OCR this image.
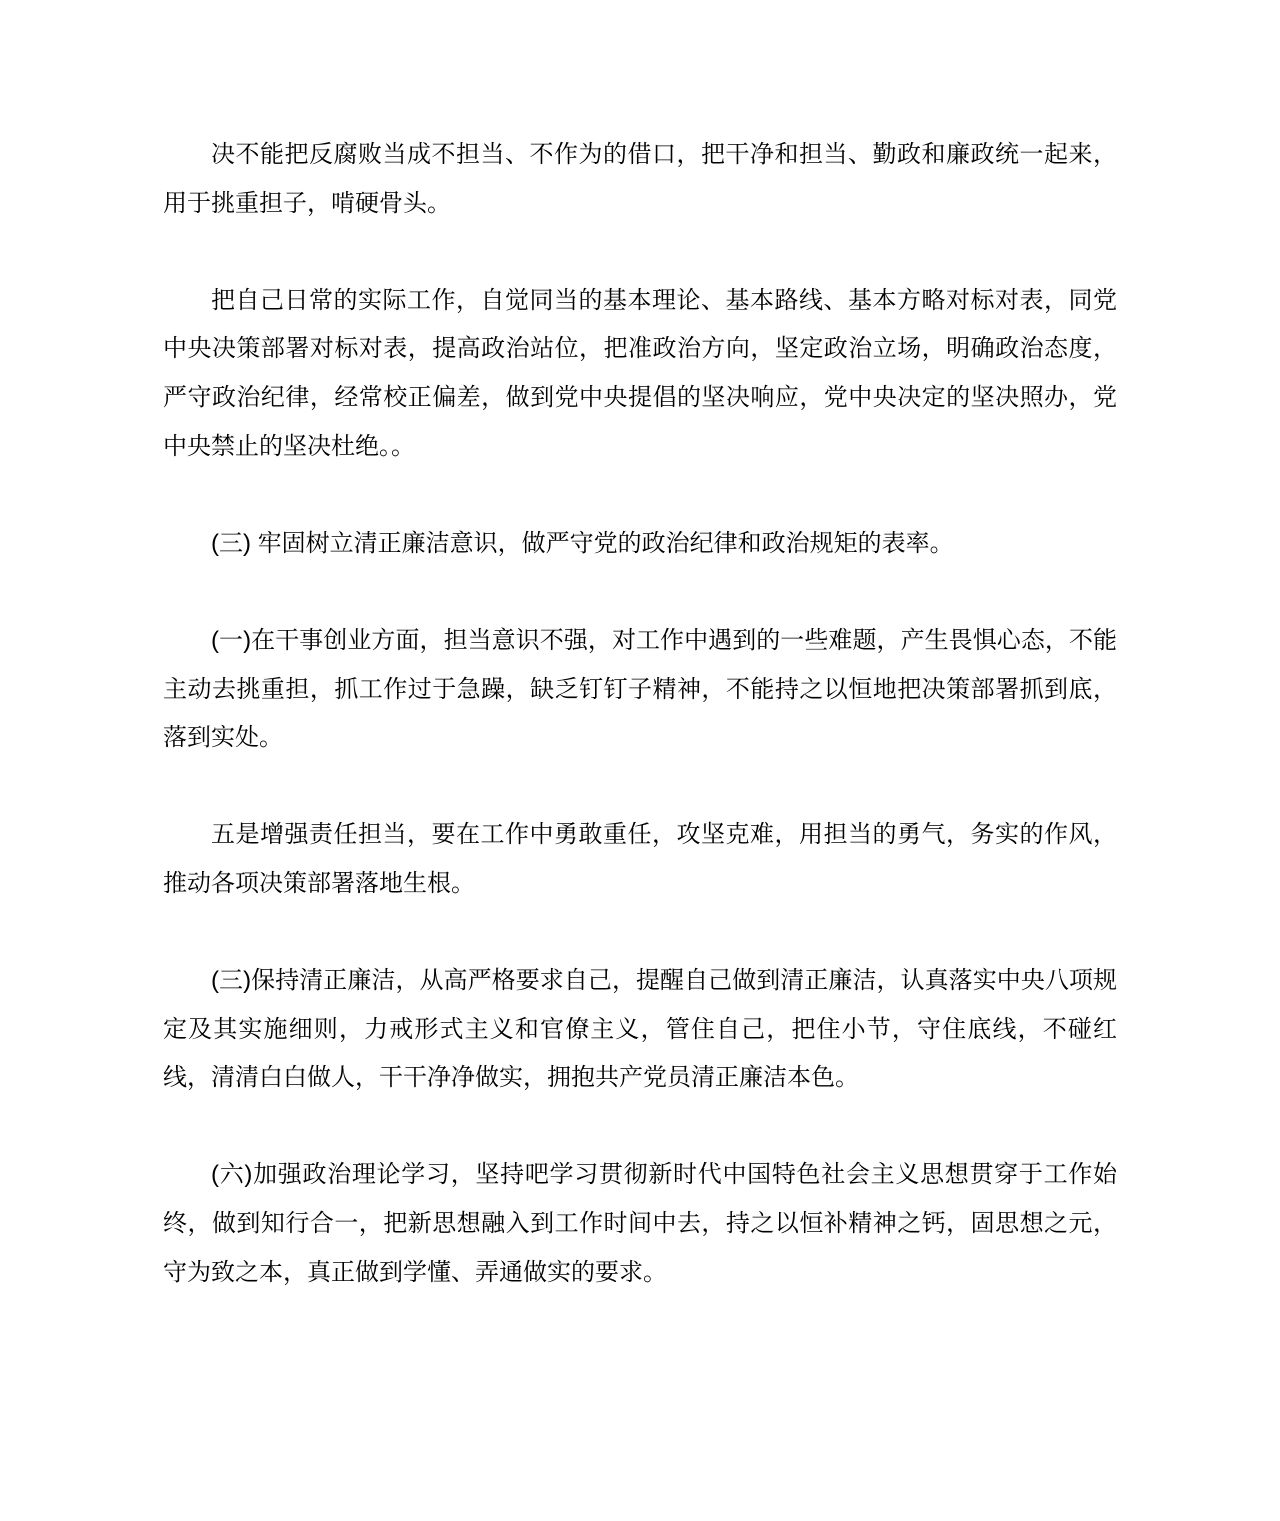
决不能把反腐败当成不担当、不作为的借口，把干净和担当、勤政和廉政统一起来，用于挑重担子，啃硬骨头。

把自己日常的实际工作，自觉同当的基本理论、基本路线、基本方略对标对表，同党中央决策部署对标对表，提高政治站位，把准政治方向，坚定政治立场，明确政治态度，严守政治纪律，经常校正偏差，做到党中央提倡的坚决响应，党中央决定的坚决照办，党中央禁止的坚决杜绝。。

(三) 牢固树立清正廉洁意识，做严守党的政治纪律和政治规矩的表率。

(一)在干事创业方面，担当意识不强，对工作中遇到的一些难题，产生畏惧心态，不能主动去挑重担，抓工作过于急躁，缺乏钉钉子精神，不能持之以恒地把决策部署抓到底，落到实处。

五是增强责任担当，要在工作中勇敢重任，攻坚克难，用担当的勇气，务实的作风，推动各项决策部署落地生根。

(三)保持清正廉洁，从高严格要求自己，提醒自己做到清正廉洁，认真落实中央八项规定及其实施细则，力戒形式主义和官僚主义，管住自己，把住小节，守住底线，不碰红线，清清白白做人，干干净净做实，拥抱共产党员清正廉洁本色。

(六)加强政治理论学习，坚持吧学习贯彻新时代中国特色社会主义思想贯穿于工作始终，做到知行合一，把新思想融入到工作时间中去，持之以恒补精神之钙，固思想之元，守为致之本，真正做到学懂、弄通做实的要求。
